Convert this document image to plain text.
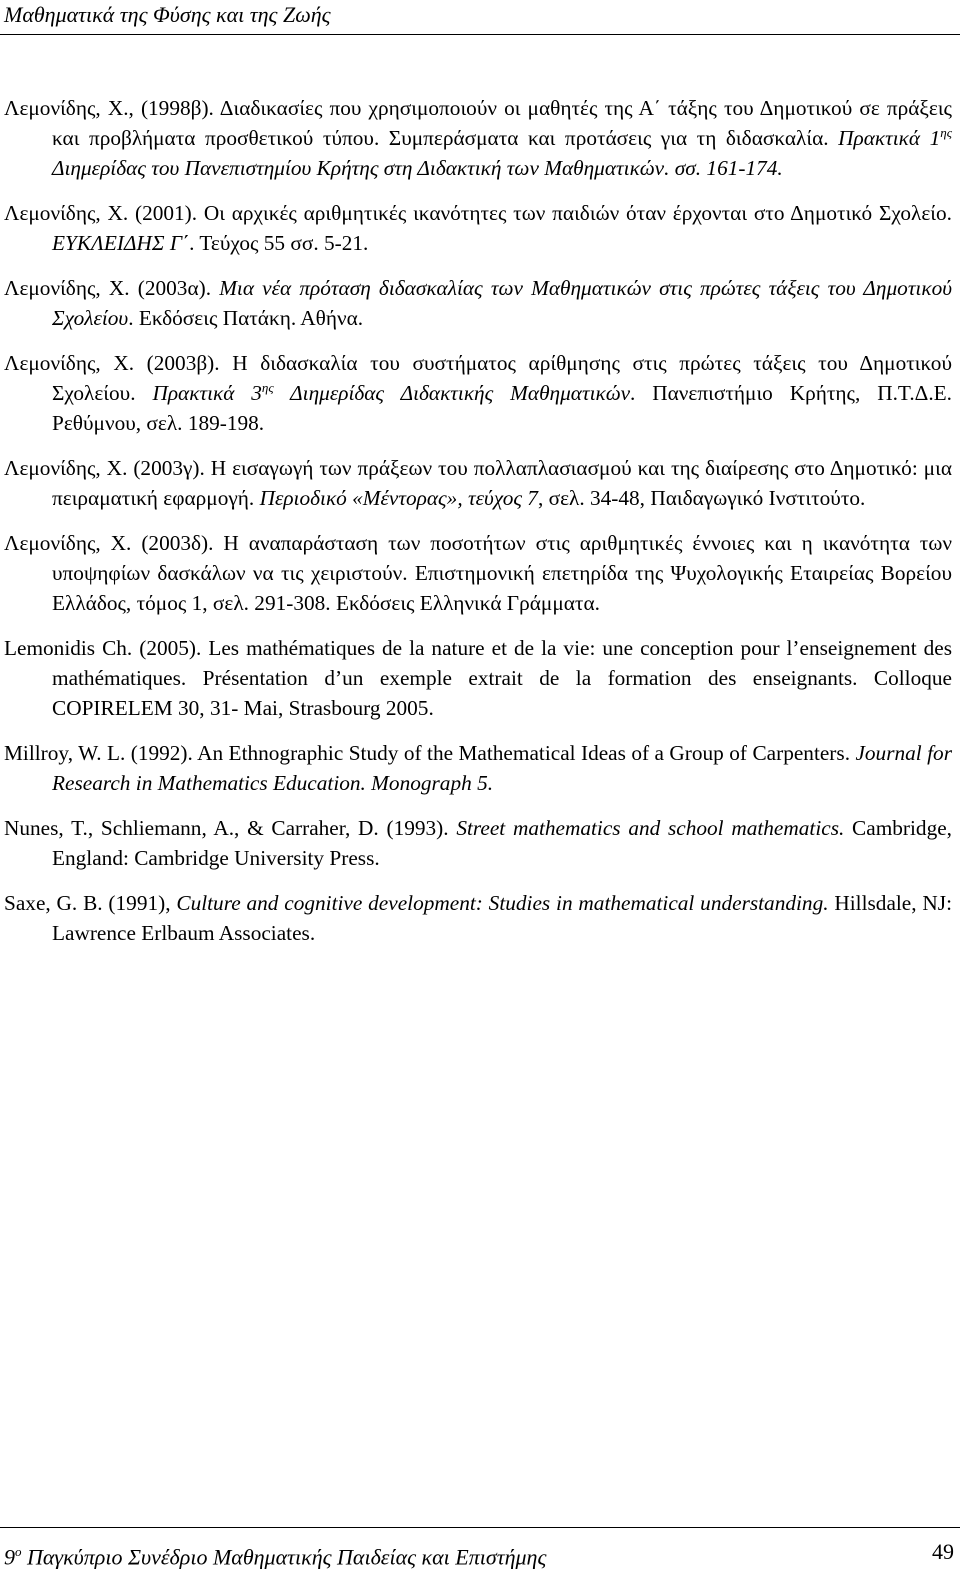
Μαθηματικά της Φύσης και της Ζωής

Λεμονίδης, Χ., (1998β). Διαδικασίες που χρησιμοποιούν οι μαθητές της Α΄ τάξης του Δημοτικού σε πράξεις και προβλήματα προσθετικού τύπου. Συμπεράσματα και προτάσεις για τη διδασκαλία. Πρακτικά $1^{\eta\varsigma}$ Διημερίδας του Πανεπιστημίου Κρήτης στη Διδακτική των Μαθηματικών. σσ. 161-174.

Λεμονίδης, Χ. (2001). Οι αρχικές αριθμητικές ικανότητες των παιδιών όταν έρχονται στο Δημοτικό Σχολείο. ΕΥΚΛΕΙΔΗΣ Γ΄. Τεύχος 55 σσ. 5-21.

Λεμονίδης, Χ. (2003α). Μια νέα πρόταση διδασκαλίας των Μαθηματικών στις πρώτες τάξεις του Δημοτικού Σχολείου. Εκδόσεις Πατάκη. Αθήνα.

Λεμονίδης, Χ. (2003β). Η διδασκαλία του συστήματος αρίθμησης στις πρώτες τάξεις του Δημοτικού Σχολείου. Πρακτικά $3^{\eta\varsigma}$ Διημερίδας Διδακτικής Μαθηματικών. Πανεπιστήμιο Κρήτης, Π.Τ.Δ.Ε. Ρεθύμνου, σελ. 189-198.

Λεμονίδης, Χ. (2003γ). Η εισαγωγή των πράξεων του πολλαπλασιασμού και της διαίρεσης στο Δημοτικό: μια πειραματική εφαρμογή. Περιοδικό «Μέντορας», τεύχος 7, σελ. 34-48, Παιδαγωγικό Ινστιτούτο.

Λεμονίδης, Χ. (2003δ). Η αναπαράσταση των ποσοτήτων στις αριθμητικές έννοιες και η ικανότητα των υποψηφίων δασκάλων να τις χειριστούν. Επιστημονική επετηρίδα της Ψυχολογικής Εταιρείας Βορείου Ελλάδος, τόμος 1, σελ. 291-308. Εκδόσεις Ελληνικά Γράμματα.

Lemonidis Ch. (2005). Les mathématiques de la nature et de la vie: une conception pour l’enseignement des mathématiques. Présentation d’un exemple extrait de la formation des enseignants. Colloque COPIRELEM 30, 31- Mai, Strasbourg 2005.

Millroy, W. L. (1992). An Ethnographic Study of the Mathematical Ideas of a Group of Carpenters. Journal for Research in Mathematics Education. Monograph 5.

Nunes, T., Schliemann, A., & Carraher, D. (1993). Street mathematics and school mathematics. Cambridge, England: Cambridge University Press.

Saxe, G. B. (1991), Culture and cognitive development: Studies in mathematical understanding. Hillsdale, NJ: Lawrence Erlbaum Associates.

$9^o$ Παγκύπριο Συνέδριο Μαθηματικής Παιδείας και Επιστήμης	49
